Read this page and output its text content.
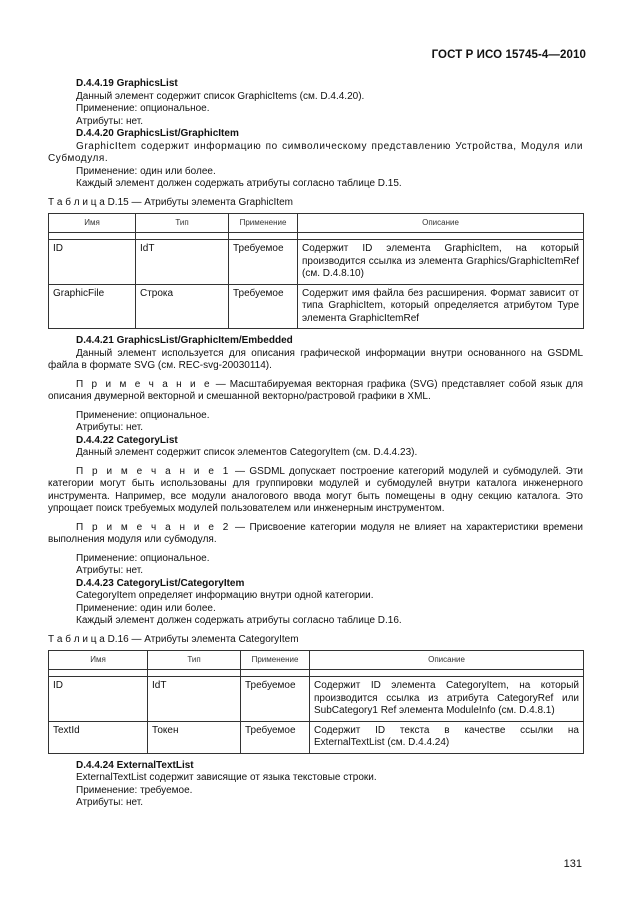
ГОСТ Р ИСО 15745-4—2010

D.4.4.19 GraphicsList

Данный элемент содержит список GraphicItems (см. D.4.4.20).

Применение: опциональное.

Атрибуты: нет.

D.4.4.20 GraphicsList/GraphicItem

GraphicItem содержит информацию по символическому представлению Устройства, Модуля или Субмодуля.

Применение: один или более.

Каждый элемент должен содержать атрибуты согласно таблице D.15.

Т а б л и ц а D.15 — Атрибуты элемента GraphicItem

Имя	Тип	Применение	Описание

ID	IdT	Требуемое	Содержит ID элемента GraphicItem, на который производится ссылка из элемента Graphics/GraphicItemRef (см. D.4.8.10)
GraphicFile	Строка	Требуемое	Содержит имя файла без расширения. Формат зависит от типа GraphicItem, который определяется атрибутом Type элемента GraphicItemRef

D.4.4.21 GraphicsList/GraphicItem/Embedded

Данный элемент используется для описания графической информации внутри основанного на GSDML файла в формате SVG (см. REC-svg-20030114).

П р и м е ч а н и е — Масштабируемая векторная графика (SVG) представляет собой язык для описания двумерной векторной и смешанной векторно/растровой графики в XML.

Применение: опциональное.

Атрибуты: нет.

D.4.4.22 CategoryList

Данный элемент содержит список элементов CategoryItem (см. D.4.4.23).

П р и м е ч а н и е 1 — GSDML допускает построение категорий модулей и субмодулей. Эти категории могут быть использованы для группировки модулей и субмодулей внутри каталога инженерного инструмента. Например, все модули аналогового ввода могут быть помещены в одну секцию каталога. Это упрощает поиск требуемых модулей пользователем или инженерным инструментом.

П р и м е ч а н и е 2 — Присвоение категории модуля не влияет на характеристики времени выполнения модуля или субмодуля.

Применение: опциональное.

Атрибуты: нет.

D.4.4.23 CategoryList/CategoryItem

CategoryItem определяет информацию внутри одной категории.

Применение: один или более.

Каждый элемент должен содержать атрибуты согласно таблице D.16.

Т а б л и ц а D.16 — Атрибуты элемента CategoryItem

Имя	Тип	Применение	Описание

ID	IdT	Требуемое	Содержит ID элемента CategoryItem, на который производится ссылка из атрибута CategoryRef или SubCategory1 Ref элемента ModuleInfo (см. D.4.8.1)
TextId	Токен	Требуемое	Содержит ID текста в качестве ссылки на ExternalTextList (см. D.4.4.24)

D.4.4.24 ExternalTextList

ExternalTextList содержит зависящие от языка текстовые строки.

Применение: требуемое.

Атрибуты: нет.

131
